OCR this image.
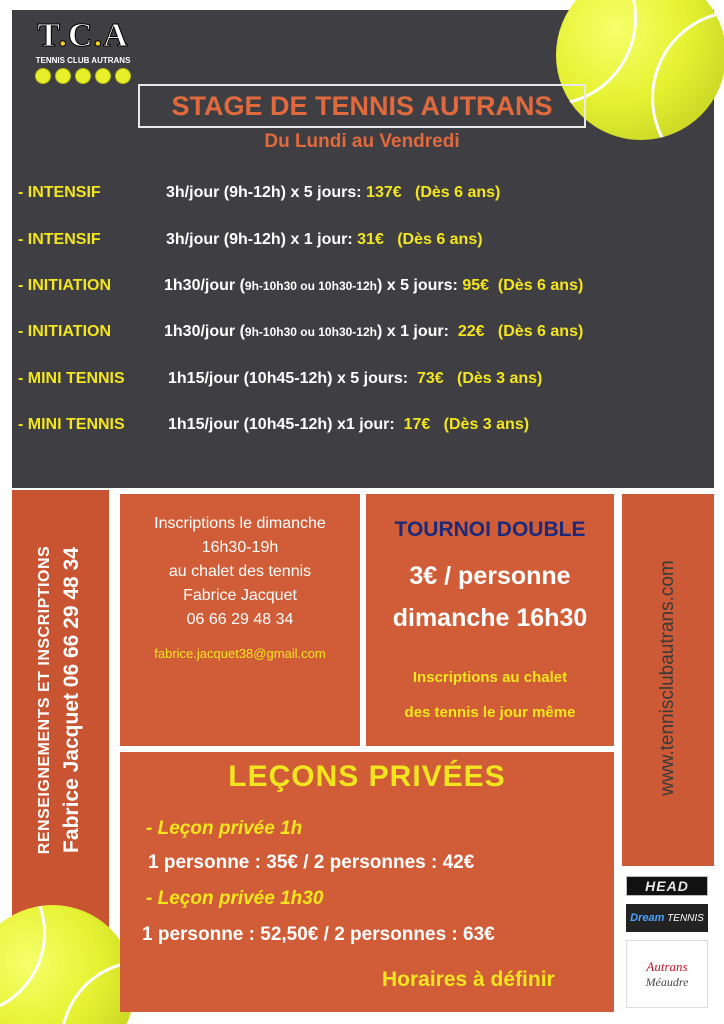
T.C.A
TENNIS CLUB AUTRANS
STAGE DE TENNIS AUTRANS
Du Lundi au Vendredi
- INTENSIF	3h/jour (9h-12h) x 5 jours: 137€ (Dès 6 ans)
- INTENSIF	3h/jour (9h-12h) x 1 jour: 31€ (Dès 6 ans)
- INITIATION	1h30/jour (9h-10h30 ou 10h30-12h) x 5 jours: 95€ (Dès 6 ans)
- INITIATION	1h30/jour (9h-10h30 ou 10h30-12h) x 1 jour: 22€ (Dès 6 ans)
- MINI TENNIS	1h15/jour (10h45-12h) x 5 jours: 73€ (Dès 3 ans)
- MINI TENNIS	1h15/jour (10h45-12h) x1 jour: 17€ (Dès 3 ans)
RENSEIGNEMENTS ET INSCRIPTIONS Fabrice Jacquet 06 66 29 48 34
Inscriptions le dimanche
16h30-19h
au chalet des tennis
Fabrice Jacquet
06 66 29 48 34
fabrice.jacquet38@gmail.com
TOURNOI DOUBLE
3€ / personne
dimanche 16h30
Inscriptions au chalet
des tennis le jour même
LEÇONS PRIVÉES
- Leçon privée 1h
1 personne : 35€ / 2 personnes : 42€
- Leçon privée 1h30
1 personne : 52,50€ / 2 personnes : 63€
Horaires à définir
www.tennisclubautrans.com
HEAD
Dream
TENNIS
Autrans
Méaudre
